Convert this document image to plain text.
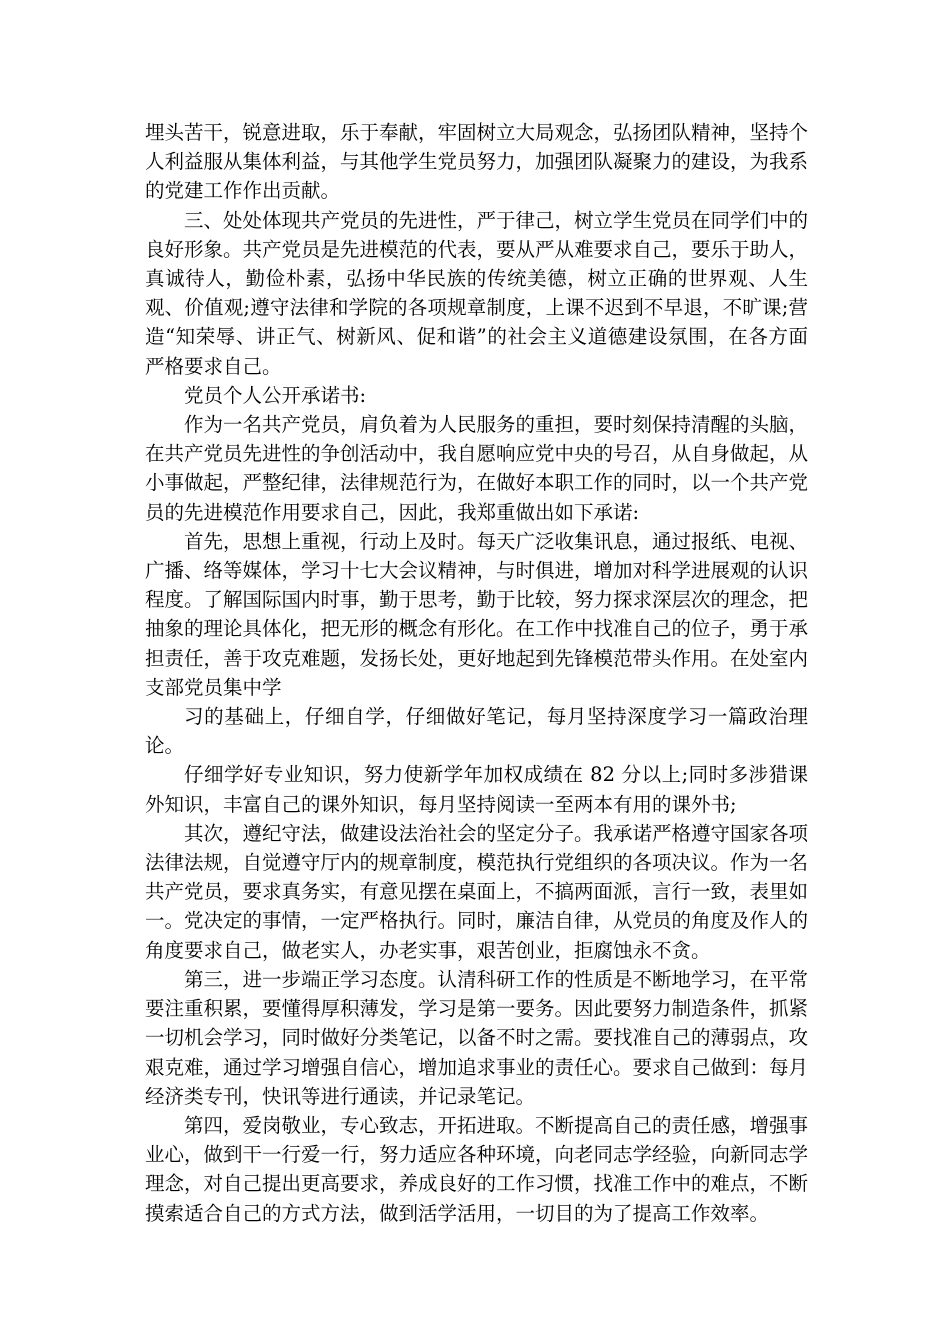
埋头苦干，锐意进取，乐于奉献，牢固树立大局观念，弘扬团队精神，坚持个人利益服从集体利益，与其他学生党员努力，加强团队凝聚力的建设，为我系的党建工作作出贡献。

三、处处体现共产党员的先进性，严于律己，树立学生党员在同学们中的良好形象。共产党员是先进模范的代表，要从严从难要求自己，要乐于助人，真诚待人，勤俭朴素，弘扬中华民族的传统美德，树立正确的世界观、人生观、价值观;遵守法律和学院的各项规章制度，上课不迟到不早退，不旷课;营造“知荣辱、讲正气、树新风、促和谐”的社会主义道德建设氛围，在各方面严格要求自己。

党员个人公开承诺书:

作为一名共产党员，肩负着为人民服务的重担，要时刻保持清醒的头脑，在共产党员先进性的争创活动中，我自愿响应党中央的号召，从自身做起，从小事做起，严整纪律，法律规范行为，在做好本职工作的同时，以一个共产党员的先进模范作用要求自己，因此，我郑重做出如下承诺:

首先，思想上重视，行动上及时。每天广泛收集讯息，通过报纸、电视、广播、络等媒体，学习十七大会议精神，与时俱进，增加对科学进展观的认识程度。了解国际国内时事，勤于思考，勤于比较，努力探求深层次的理念，把抽象的理论具体化，把无形的概念有形化。在工作中找准自己的位子，勇于承担责任，善于攻克难题，发扬长处，更好地起到先锋模范带头作用。在处室内支部党员集中学

习的基础上，仔细自学，仔细做好笔记，每月坚持深度学习一篇政治理论。

仔细学好专业知识，努力使新学年加权成绩在 82 分以上;同时多涉猎课外知识，丰富自己的课外知识，每月坚持阅读一至两本有用的课外书;

其次，遵纪守法，做建设法治社会的坚定分子。我承诺严格遵守国家各项法律法规，自觉遵守厅内的规章制度，模范执行党组织的各项决议。作为一名共产党员，要求真务实，有意见摆在桌面上，不搞两面派，言行一致，表里如一。党决定的事情，一定严格执行。同时，廉洁自律，从党员的角度及作人的角度要求自己，做老实人，办老实事，艰苦创业，拒腐蚀永不贪。

第三，进一步端正学习态度。认清科研工作的性质是不断地学习，在平常要注重积累，要懂得厚积薄发，学习是第一要务。因此要努力制造条件，抓紧一切机会学习，同时做好分类笔记，以备不时之需。要找准自己的薄弱点，攻艰克难，通过学习增强自信心，增加追求事业的责任心。要求自己做到：每月经济类专刊，快讯等进行通读，并记录笔记。

第四，爱岗敬业，专心致志，开拓进取。不断提高自己的责任感，增强事业心，做到干一行爱一行，努力适应各种环境，向老同志学经验，向新同志学理念，对自己提出更高要求，养成良好的工作习惯，找准工作中的难点，不断摸索适合自己的方式方法，做到活学活用，一切目的为了提高工作效率。
